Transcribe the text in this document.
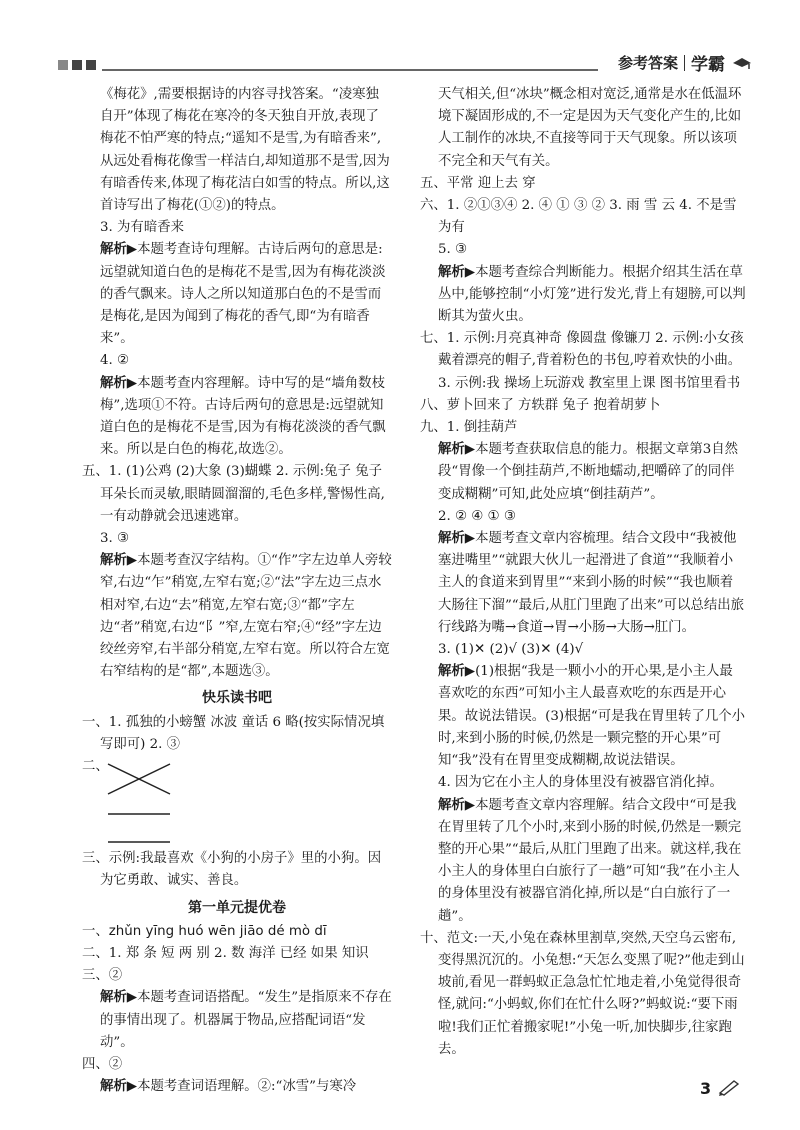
参考答案 学霸

《梅花》,需要根据诗的内容寻找答案。“凌寒独自开”体现了梅花在寒冷的冬天独自开放,表现了梅花不怕严寒的特点;“遥知不是雪,为有暗香来”,从远处看梅花像雪一样洁白,却知道那不是雪,因为有暗香传来,体现了梅花洁白如雪的特点。所以,这首诗写出了梅花(①②)的特点。

3. 为有暗香来

解析▶本题考查诗句理解。古诗后两句的意思是:远望就知道白色的是梅花不是雪,因为有梅花淡淡的香气飘来。诗人之所以知道那白色的不是雪而是梅花,是因为闻到了梅花的香气,即“为有暗香来”。

4. ②

解析▶本题考查内容理解。诗中写的是“墙角数枝梅”,选项①不符。古诗后两句的意思是:远望就知道白色的是梅花不是雪,因为有梅花淡淡的香气飘来。所以是白色的梅花,故选②。

五、1. (1)公鸡 (2)大象 (3)蝴蝶 2. 示例:兔子 兔子耳朵长而灵敏,眼睛圆溜溜的,毛色多样,警惕性高,一有动静就会迅速逃窜。

3. ③

解析▶本题考查汉字结构。①“作”字左边单人旁较窄,右边“乍”稍宽,左窄右宽;②“法”字左边三点水相对窄,右边“去”稍宽,左窄右宽;③“都”字左边“者”稍宽,右边“阝”窄,左宽右窄;④“经”字左边绞丝旁窄,右半部分稍宽,左窄右宽。所以符合左宽右窄结构的是“都”,本题选③。

快乐读书吧

一、1. 孤独的小螃蟹 冰波 童话 6 略(按实际情况填写即可) 2. ③

二、

三、示例:我最喜欢《小狗的小房子》里的小狗。因为它勇敢、诚实、善良。

第一单元提优卷

一、zhǔn yīng huó wēn jiāo dé mò dī

二、1. 郑 条 短 两 别 2. 数 海洋 已经 如果 知识

三、②

解析▶本题考查词语搭配。“发生”是指原来不存在的事情出现了。机器属于物品,应搭配词语“发动”。

四、②

解析▶本题考查词语理解。②:“冰雪”与寒冷

天气相关,但“冰块”概念相对宽泛,通常是水在低温环境下凝固形成的,不一定是因为天气变化产生的,比如人工制作的冰块,不直接等同于天气现象。所以该项不完全和天气有关。

五、平常 迎上去 穿

六、1. ②①③④ 2. ④ ① ③ ② 3. 雨 雪 云 4. 不是雪 为有

5. ③

解析▶本题考查综合判断能力。根据介绍其生活在草丛中,能够控制“小灯笼”进行发光,背上有翅膀,可以判断其为萤火虫。

七、1. 示例:月亮真神奇 像圆盘 像镰刀 2. 示例:小女孩戴着漂亮的帽子,背着粉色的书包,哼着欢快的小曲。 3. 示例:我 操场上玩游戏 教室里上课 图书馆里看书

八、萝卜回来了 方轶群 兔子 抱着胡萝卜

九、1. 倒挂葫芦

解析▶本题考查获取信息的能力。根据文章第3自然段“胃像一个倒挂葫芦,不断地蠕动,把嚼碎了的同伴变成糊糊”可知,此处应填“倒挂葫芦”。

2. ② ④ ① ③

解析▶本题考查文章内容梳理。结合文段中“我被他塞进嘴里”“就跟大伙儿一起滑进了食道”“我顺着小主人的食道来到胃里”“来到小肠的时候”“我也顺着大肠往下溜”“最后,从肛门里跑了出来”可以总结出旅行线路为嘴→食道→胃→小肠→大肠→肛门。

3. (1)✕ (2)√ (3)✕ (4)√

解析▶(1)根据“我是一颗小小的开心果,是小主人最喜欢吃的东西”可知小主人最喜欢吃的东西是开心果。故说法错误。(3)根据“可是我在胃里转了几个小时,来到小肠的时候,仍然是一颗完整的开心果”可知“我”没有在胃里变成糊糊,故说法错误。

4. 因为它在小主人的身体里没有被器官消化掉。

解析▶本题考查文章内容理解。结合文段中“可是我在胃里转了几个小时,来到小肠的时候,仍然是一颗完整的开心果”“最后,从肛门里跑了出来。就这样,我在小主人的身体里白白旅行了一趟”可知“我”在小主人的身体里没有被器官消化掉,所以是“白白旅行了一趟”。

十、范文:一天,小兔在森林里割草,突然,天空乌云密布,变得黑沉沉的。小兔想:“天怎么变黑了呢?”他走到山坡前,看见一群蚂蚁正急急忙忙地走着,小兔觉得很奇怪,就问:“小蚂蚁,你们在忙什么呀?”蚂蚁说:“要下雨啦!我们正忙着搬家呢!”小兔一听,加快脚步,往家跑去。

3
